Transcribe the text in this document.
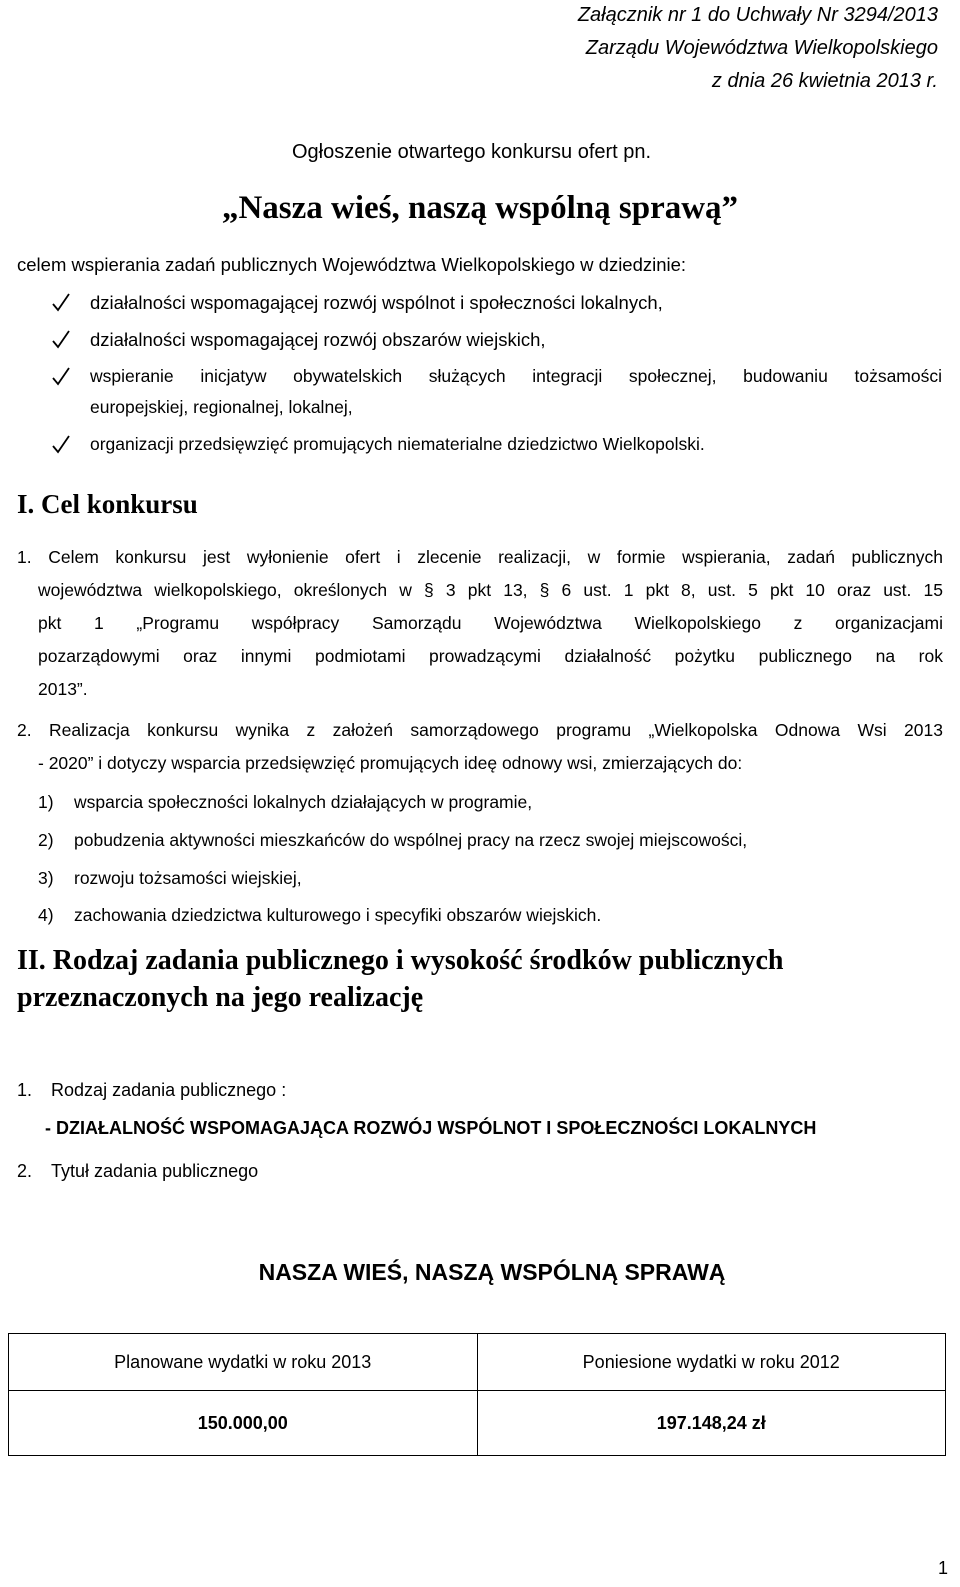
Załącznik nr 1 do Uchwały Nr 3294/2013
Zarządu Województwa Wielkopolskiego
z dnia 26 kwietnia 2013 r.
Ogłoszenie otwartego konkursu ofert pn.
„Nasza wieś, naszą wspólną sprawą”
celem wspierania zadań publicznych Województwa Wielkopolskiego w dziedzinie:
działalności wspomagającej rozwój wspólnot i społeczności lokalnych,
działalności wspomagającej rozwój obszarów wiejskich,
wspieranie inicjatyw obywatelskich służących integracji społecznej, budowaniu tożsamości
europejskiej, regionalnej, lokalnej,
organizacji przedsięwzięć promujących niematerialne dziedzictwo Wielkopolski.
I. Cel konkursu
1. Celem konkursu jest wyłonienie ofert i zlecenie realizacji, w formie wspierania, zadań publicznych
województwa wielkopolskiego, określonych w § 3 pkt 13, § 6 ust. 1 pkt 8, ust. 5 pkt 10 oraz ust. 15
pkt 1 „Programu współpracy Samorządu Województwa Wielkopolskiego z organizacjami
pozarządowymi oraz innymi podmiotami prowadzącymi działalność pożytku publicznego na rok
2013”.
2. Realizacja konkursu wynika z założeń samorządowego programu „Wielkopolska Odnowa Wsi 2013
- 2020” i dotyczy wsparcia przedsięwzięć promujących ideę odnowy wsi, zmierzających do:
1) wsparcia społeczności lokalnych działających w programie,
2) pobudzenia aktywności mieszkańców do wspólnej pracy na rzecz swojej miejscowości,
3) rozwoju tożsamości wiejskiej,
4) zachowania dziedzictwa kulturowego i specyfiki obszarów wiejskich.
II. Rodzaj zadania publicznego i wysokość środków publicznych
przeznaczonych na jego realizację
1. Rodzaj zadania publicznego :
- DZIAŁALNOŚĆ WSPOMAGAJĄCA ROZWÓJ WSPÓLNOT I SPOŁECZNOŚCI LOKALNYCH
2. Tytuł zadania publicznego
NASZA WIEŚ, NASZĄ WSPÓLNĄ SPRAWĄ
Planowane wydatki w roku 2013	Poniesione wydatki w roku 2012
150.000,00	197.148,24 zł
1
